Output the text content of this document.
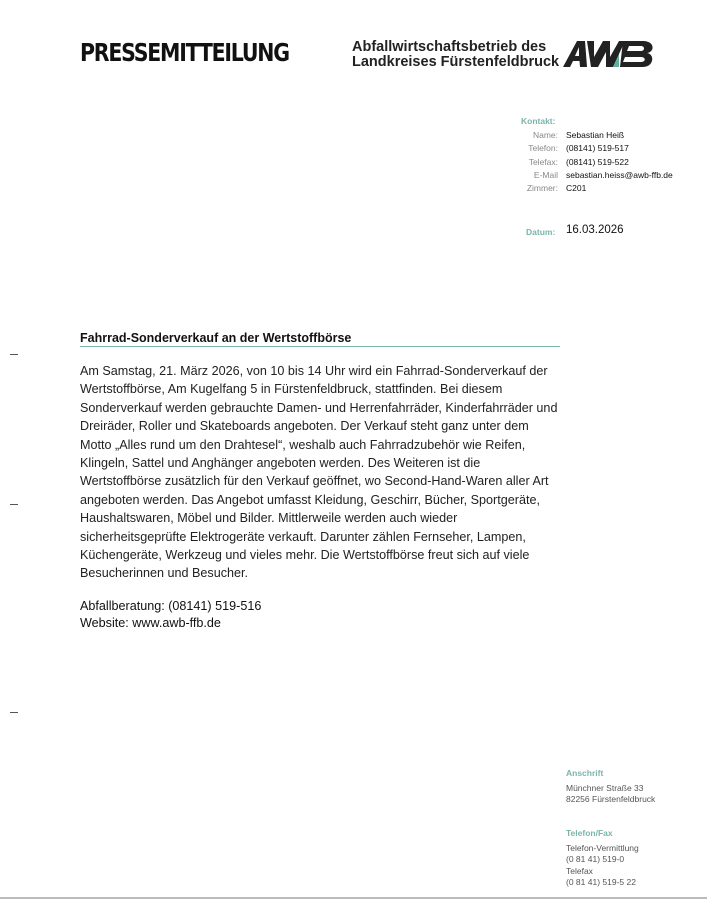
PRESSEMITTEILUNG	Abfallwirtschaftsbetrieb des
Landkreises Fürstenfeldbruck
Kontakt:
Name: Sebastian Heiß
Telefon: (08141) 519-517
Telefax: (08141) 519-522
E-Mail sebastian.heiss@awb-ffb.de
Zimmer: C201
Datum: 16.03.2026
Fahrrad-Sonderverkauf an der Wertstoffbörse
Am Samstag, 21. März 2026, von 10 bis 14 Uhr wird ein Fahrrad-Sonderverkauf der
Wertstoffbörse, Am Kugelfang 5 in Fürstenfeldbruck, stattfinden. Bei diesem
Sonderverkauf werden gebrauchte Damen- und Herrenfahrräder, Kinderfahrräder und
Dreiräder, Roller und Skateboards angeboten. Der Verkauf steht ganz unter dem
Motto „Alles rund um den Drahtesel“, weshalb auch Fahrradzubehör wie Reifen,
Klingeln, Sattel und Anghänger angeboten werden. Des Weiteren ist die
Wertstoffbörse zusätzlich für den Verkauf geöffnet, wo Second-Hand-Waren aller Art
angeboten werden. Das Angebot umfasst Kleidung, Geschirr, Bücher, Sportgeräte,
Haushaltswaren, Möbel und Bilder. Mittlerweile werden auch wieder
sicherheitsgeprüfte Elektrogeräte verkauft. Darunter zählen Fernseher, Lampen,
Küchengeräte, Werkzeug und vieles mehr. Die Wertstoffbörse freut sich auf viele
Besucherinnen und Besucher.
Abfallberatung: (08141) 519-516
Website: www.awb-ffb.de
Anschrift
Münchner Straße 33
82256 Fürstenfeldbruck
Telefon/Fax
Telefon-Vermittlung
(0 81 41) 519-0
Telefax
(0 81 41) 519-5 22
